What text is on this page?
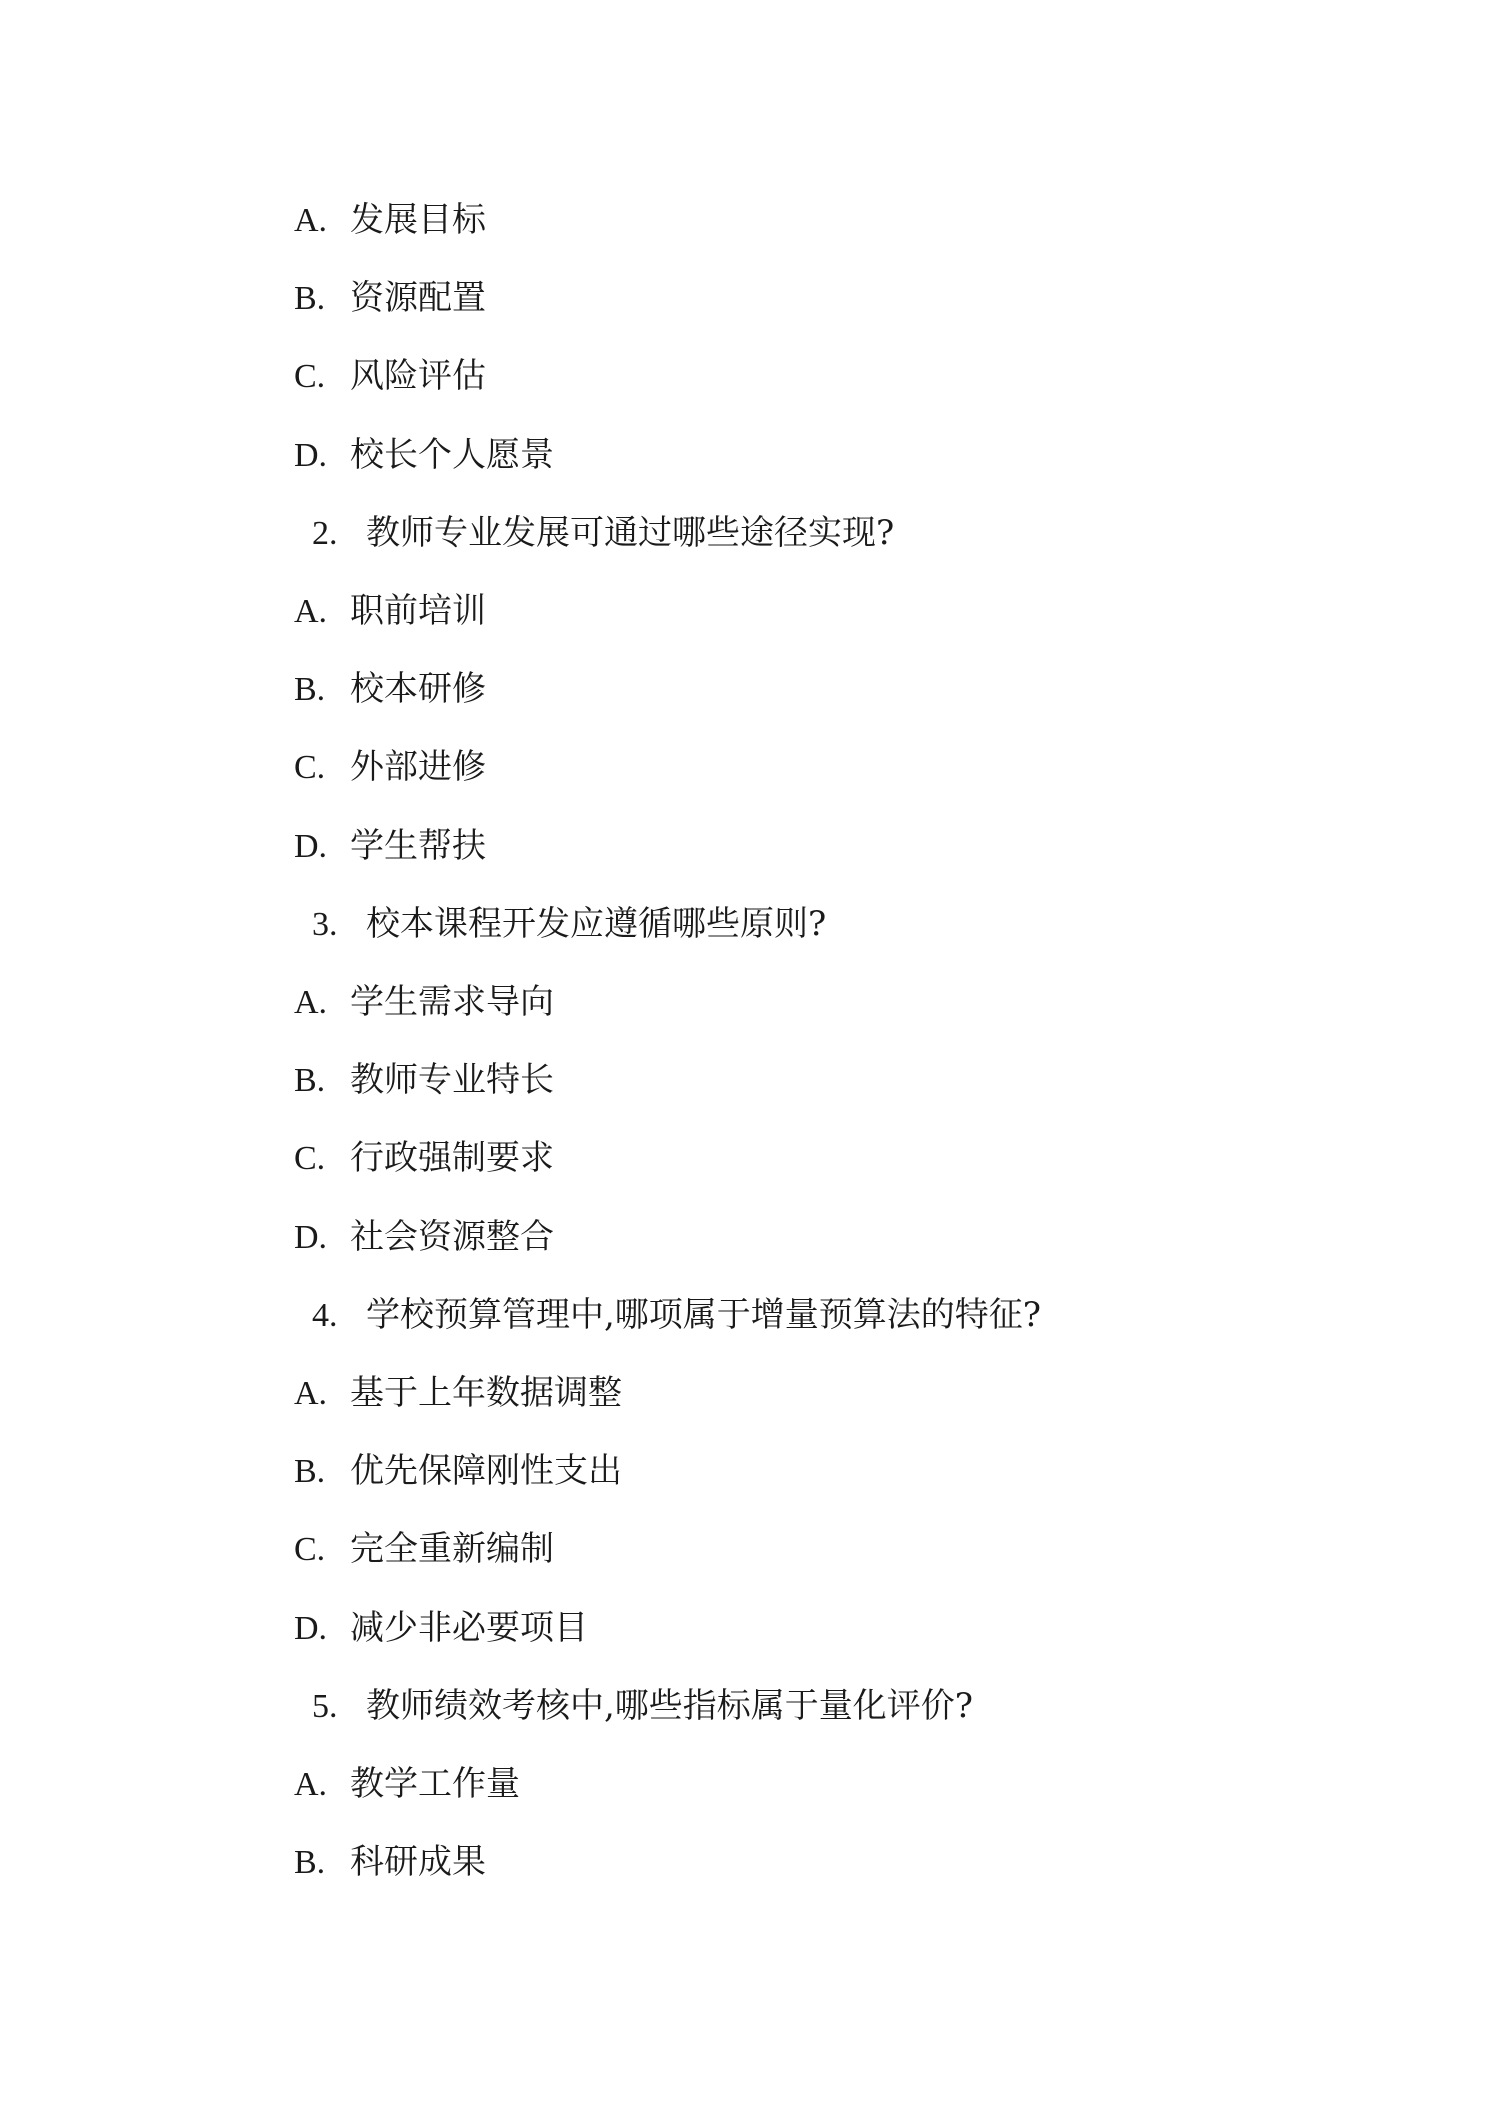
A. 发展目标
B. 资源配置
C. 风险评估
D. 校长个人愿景
2. 教师专业发展可通过哪些途径实现?
A. 职前培训
B. 校本研修
C. 外部进修
D. 学生帮扶
3. 校本课程开发应遵循哪些原则?
A. 学生需求导向
B. 教师专业特长
C. 行政强制要求
D. 社会资源整合
4. 学校预算管理中,哪项属于增量预算法的特征?
A. 基于上年数据调整
B. 优先保障刚性支出
C. 完全重新编制
D. 减少非必要项目
5. 教师绩效考核中,哪些指标属于量化评价?
A. 教学工作量
B. 科研成果
